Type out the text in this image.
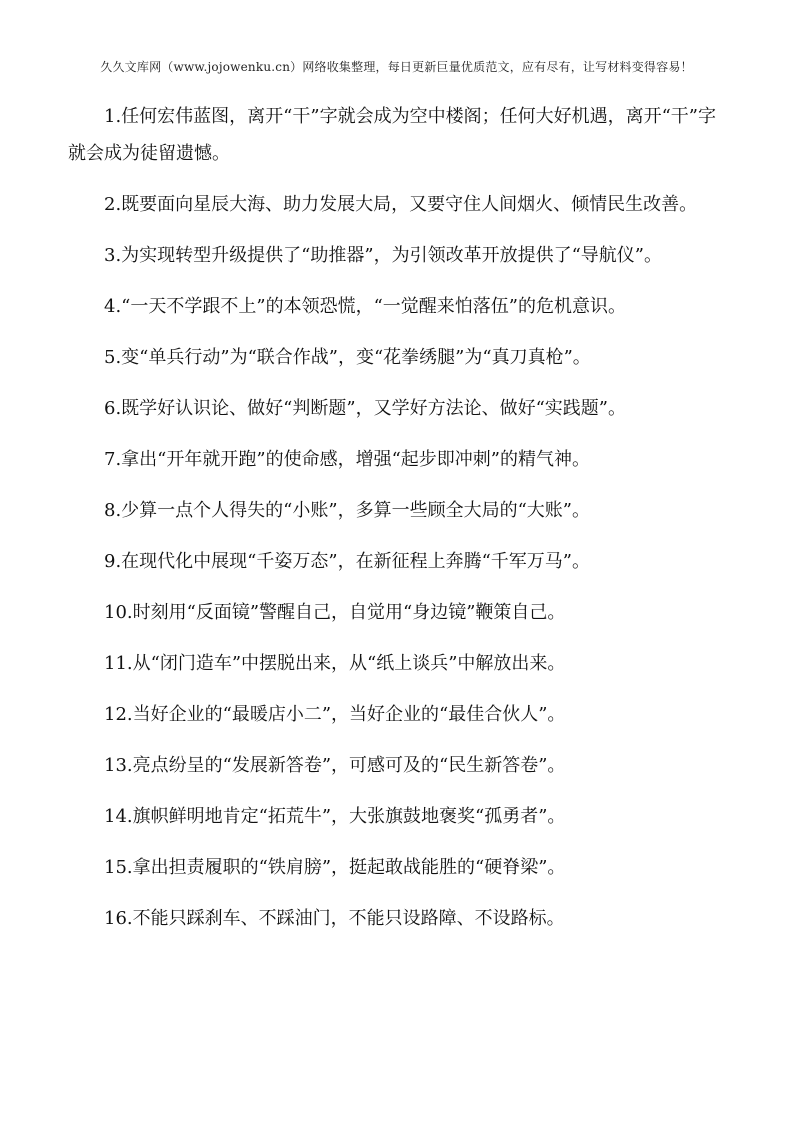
久久文库网（www.jojowenku.cn）网络收集整理，每日更新巨量优质范文，应有尽有，让写材料变得容易！

1.任何宏伟蓝图，离开“干”字就会成为空中楼阁；任何大好机遇，离开“干”字就会成为徒留遗憾。

2.既要面向星辰大海、助力发展大局，又要守住人间烟火、倾情民生改善。

3.为实现转型升级提供了“助推器”，为引领改革开放提供了“导航仪”。

4.“一天不学跟不上”的本领恐慌，“一觉醒来怕落伍”的危机意识。

5.变“单兵行动”为“联合作战”，变“花拳绣腿”为“真刀真枪”。

6.既学好认识论、做好“判断题”，又学好方法论、做好“实践题”。

7.拿出“开年就开跑”的使命感，增强“起步即冲刺”的精气神。

8.少算一点个人得失的“小账”，多算一些顾全大局的“大账”。

9.在现代化中展现“千姿万态”，在新征程上奔腾“千军万马”。

10.时刻用“反面镜”警醒自己，自觉用“身边镜”鞭策自己。

11.从“闭门造车”中摆脱出来，从“纸上谈兵”中解放出来。

12.当好企业的“最暖店小二”，当好企业的“最佳合伙人”。

13.亮点纷呈的“发展新答卷”，可感可及的“民生新答卷”。

14.旗帜鲜明地肯定“拓荒牛”，大张旗鼓地褒奖“孤勇者”。

15.拿出担责履职的“铁肩膀”，挺起敢战能胜的“硬脊梁”。

16.不能只踩刹车、不踩油门，不能只设路障、不设路标。
